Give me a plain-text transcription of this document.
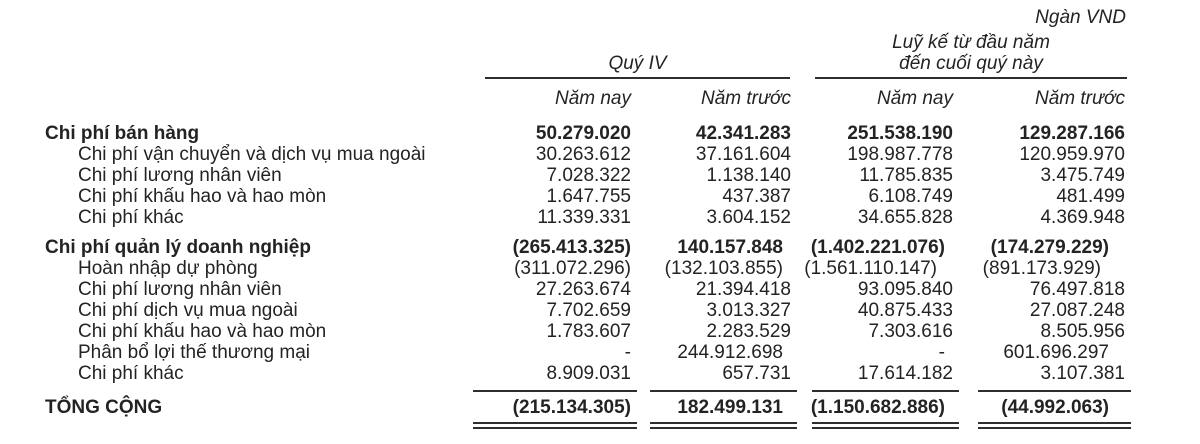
Ngàn VND
Quý IV
Luỹ kế từ đầu năm
đến cuối quý này
Năm nay	Năm trước	Năm nay	Năm trước
Chi phí bán hàng	50.279.020	42.341.283	251.538.190	129.287.166
Chi phí vận chuyển và dịch vụ mua ngoài	30.263.612	37.161.604	198.987.778	120.959.970
Chi phí lương nhân viên	7.028.322	1.138.140	11.785.835	3.475.749
Chi phí khấu hao và hao mòn	1.647.755	437.387	6.108.749	481.499
Chi phí khác	11.339.331	3.604.152	34.655.828	4.369.948
Chi phí quản lý doanh nghiệp	(265.413.325)	140.157.848	(1.402.221.076)	(174.279.229)
Hoàn nhập dự phòng	(311.072.296)	(132.103.855)	(1.561.110.147)	(891.173.929)
Chi phí lương nhân viên	27.263.674	21.394.418	93.095.840	76.497.818
Chi phí dịch vụ mua ngoài	7.702.659	3.013.327	40.875.433	27.087.248
Chi phí khấu hao và hao mòn	1.783.607	2.283.529	7.303.616	8.505.956
Phân bổ lợi thế thương mại	-	244.912.698	-	601.696.297
Chi phí khác	8.909.031	657.731	17.614.182	3.107.381
TỔNG CỘNG	(215.134.305)	182.499.131	(1.150.682.886)	(44.992.063)
